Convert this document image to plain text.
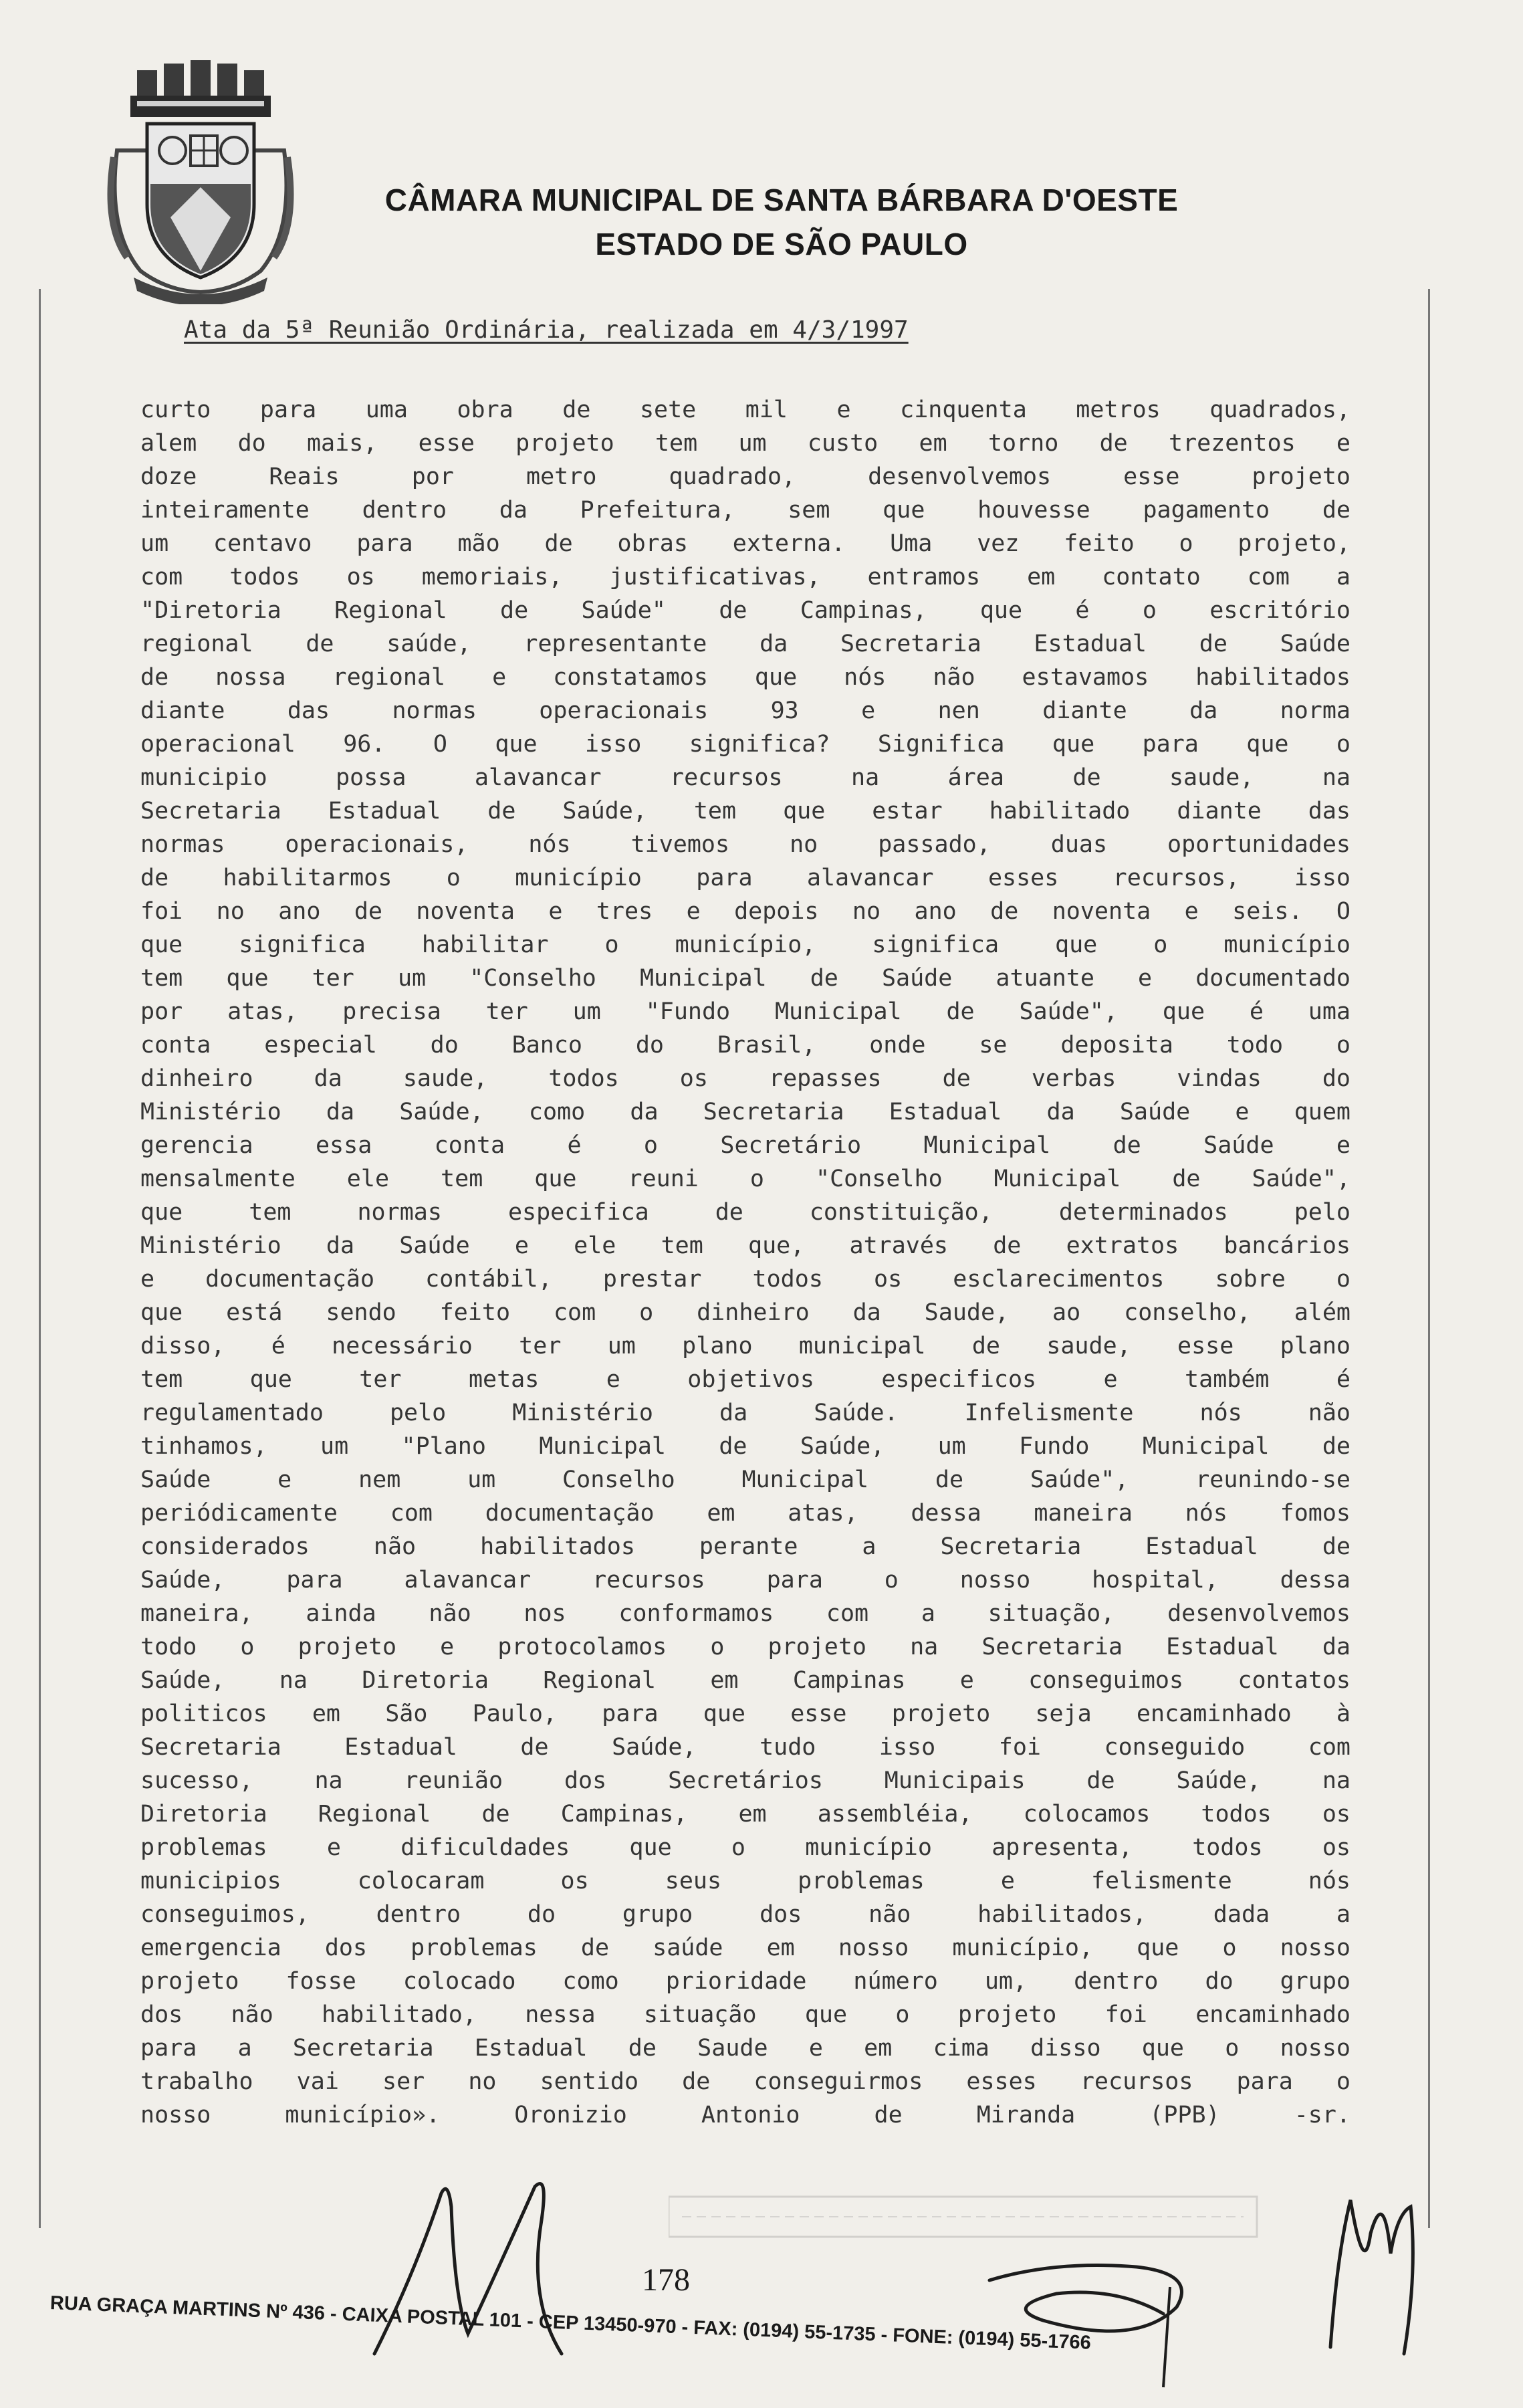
CÂMARA MUNICIPAL DE SANTA BÁRBARA D'OESTE
ESTADO DE SÃO PAULO
Ata da 5ª Reunião Ordinária, realizada em 4/3/1997
curto para uma obra de sete mil e cinquenta metros quadrados,
alem do mais, esse projeto tem um custo em torno de trezentos e
doze Reais por metro quadrado, desenvolvemos esse projeto
inteiramente dentro da Prefeitura, sem que houvesse pagamento de
um centavo para mão de obras externa. Uma vez feito o projeto,
com todos os memoriais, justificativas, entramos em contato com a
"Diretoria Regional de Saúde" de Campinas, que é o escritório
regional de saúde, representante da Secretaria Estadual de Saúde
de nossa regional e constatamos que nós não estavamos habilitados
diante das normas operacionais 93 e nen diante da norma
operacional 96. O que isso significa? Significa que para que o
municipio possa alavancar recursos na área de saude, na
Secretaria Estadual de Saúde, tem que estar habilitado diante das
normas operacionais, nós tivemos no passado, duas oportunidades
de habilitarmos o município para alavancar esses recursos, isso
foi no ano de noventa e tres e depois no ano de noventa e seis. O
que significa habilitar o município, significa que o município
tem que ter um "Conselho Municipal de Saúde atuante e documentado
por atas, precisa ter um "Fundo Municipal de Saúde", que é uma
conta especial do Banco do Brasil, onde se deposita todo o
dinheiro da saude, todos os repasses de verbas vindas do
Ministério da Saúde, como da Secretaria Estadual da Saúde e quem
gerencia essa conta é o Secretário Municipal de Saúde e
mensalmente ele tem que reuni o "Conselho Municipal de Saúde",
que tem normas especifica de constituição, determinados pelo
Ministério da Saúde e ele tem que, através de extratos bancários
e documentação contábil, prestar todos os esclarecimentos sobre o
que está sendo feito com o dinheiro da Saude, ao conselho, além
disso, é necessário ter um plano municipal de saude, esse plano
tem que ter metas e objetivos especificos e também é
regulamentado pelo Ministério da Saúde. Infelismente nós não
tinhamos, um "Plano Municipal de Saúde, um Fundo Municipal de
Saúde e nem um Conselho Municipal de Saúde", reunindo-se
periódicamente com documentação em atas, dessa maneira nós fomos
considerados não habilitados perante a Secretaria Estadual de
Saúde, para alavancar recursos para o nosso hospital, dessa
maneira, ainda não nos conformamos com a situação, desenvolvemos
todo o projeto e protocolamos o projeto na Secretaria Estadual da
Saúde, na Diretoria Regional em Campinas e conseguimos contatos
politicos em São Paulo, para que esse projeto seja encaminhado à
Secretaria Estadual de Saúde, tudo isso foi conseguido com
sucesso, na reunião dos Secretários Municipais de Saúde, na
Diretoria Regional de Campinas, em assembléia, colocamos todos os
problemas e dificuldades que o município apresenta, todos os
municipios colocaram os seus problemas e felismente nós
conseguimos, dentro do grupo dos não habilitados, dada a
emergencia dos problemas de saúde em nosso município, que o nosso
projeto fosse colocado como prioridade número um, dentro do grupo
dos não habilitado, nessa situação que o projeto foi encaminhado
para a Secretaria Estadual de Saude e em cima disso que o nosso
trabalho vai ser no sentido de conseguirmos esses recursos para o
nosso município». Oronizio Antonio de Miranda (PPB) -sr.
178
RUA GRAÇA MARTINS Nº 436 - CAIXA POSTAL 101 - CEP 13450-970 - FAX: (0194) 55-1735 - FONE: (0194) 55-1766
